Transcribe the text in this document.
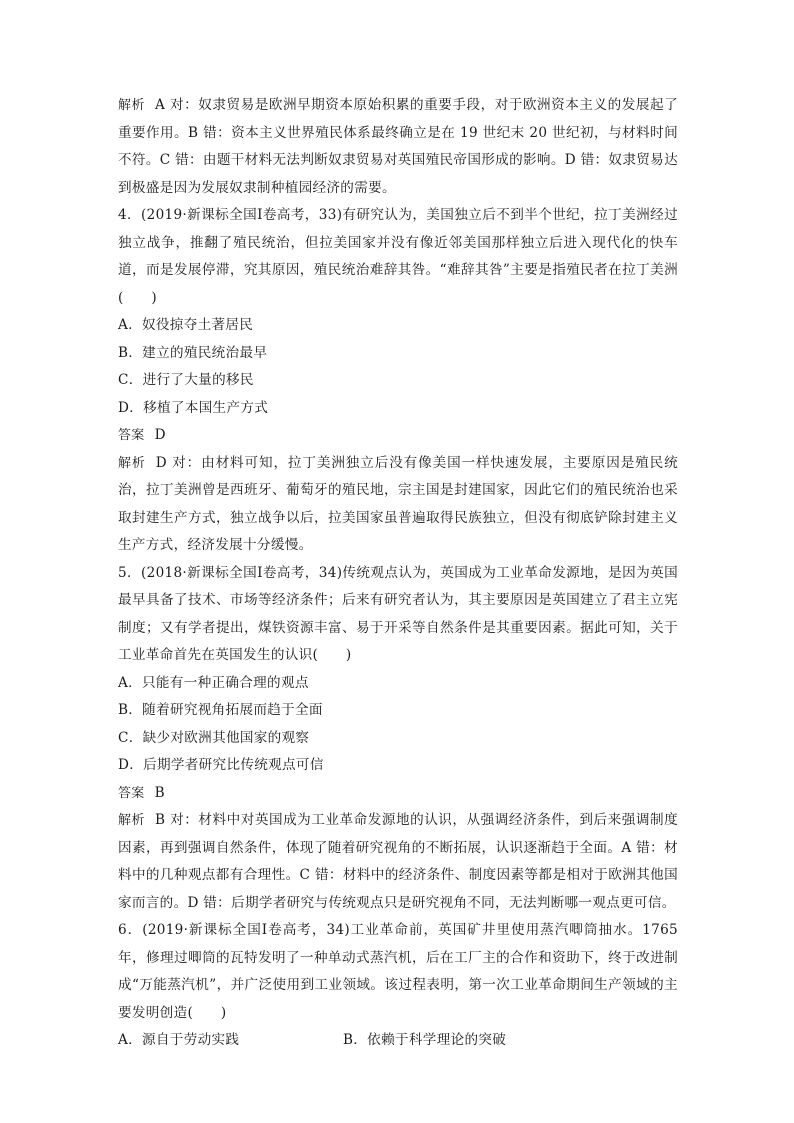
解析 A 对：奴隶贸易是欧洲早期资本原始积累的重要手段，对于欧洲资本主义的发展起了重要作用。B 错：资本主义世界殖民体系最终确立是在 19 世纪末 20 世纪初，与材料时间不符。C 错：由题干材料无法判断奴隶贸易对英国殖民帝国形成的影响。D 错：奴隶贸易达到极盛是因为发展奴隶制种植园经济的需要。

4．(2019·新课标全国Ⅰ卷高考，33)有研究认为，美国独立后不到半个世纪，拉丁美洲经过独立战争，推翻了殖民统治，但拉美国家并没有像近邻美国那样独立后进入现代化的快车道，而是发展停滞，究其原因，殖民统治难辞其咎。“难辞其咎”主要是指殖民者在拉丁美洲(　　)

A．奴役掠夺土著居民

B．建立的殖民统治最早

C．进行了大量的移民

D．移植了本国生产方式

答案 D

解析 D 对：由材料可知，拉丁美洲独立后没有像美国一样快速发展，主要原因是殖民统治，拉丁美洲曾是西班牙、葡萄牙的殖民地，宗主国是封建国家，因此它们的殖民统治也采取封建生产方式，独立战争以后，拉美国家虽普遍取得民族独立，但没有彻底铲除封建主义生产方式，经济发展十分缓慢。

5．(2018·新课标全国Ⅰ卷高考，34)传统观点认为，英国成为工业革命发源地，是因为英国最早具备了技术、市场等经济条件；后来有研究者认为，其主要原因是英国建立了君主立宪制度；又有学者提出，煤铁资源丰富、易于开采等自然条件是其重要因素。据此可知，关于工业革命首先在英国发生的认识(　　)

A．只能有一种正确合理的观点

B．随着研究视角拓展而趋于全面

C．缺少对欧洲其他国家的观察

D．后期学者研究比传统观点可信

答案 B

解析 B 对：材料中对英国成为工业革命发源地的认识，从强调经济条件，到后来强调制度因素，再到强调自然条件，体现了随着研究视角的不断拓展，认识逐渐趋于全面。A 错：材料中的几种观点都有合理性。C 错：材料中的经济条件、制度因素等都是相对于欧洲其他国家而言的。D 错：后期学者研究与传统观点只是研究视角不同，无法判断哪一观点更可信。

6．(2019·新课标全国Ⅰ卷高考，34)工业革命前，英国矿井里使用蒸汽唧筒抽水。1765 年，修理过唧筒的瓦特发明了一种单动式蒸汽机，后在工厂主的合作和资助下，终于改进制成“万能蒸汽机”，并广泛使用到工业领域。该过程表明，第一次工业革命期间生产领域的主要发明创造(　　)

A．源自于劳动实践	B．依赖于科学理论的突破
